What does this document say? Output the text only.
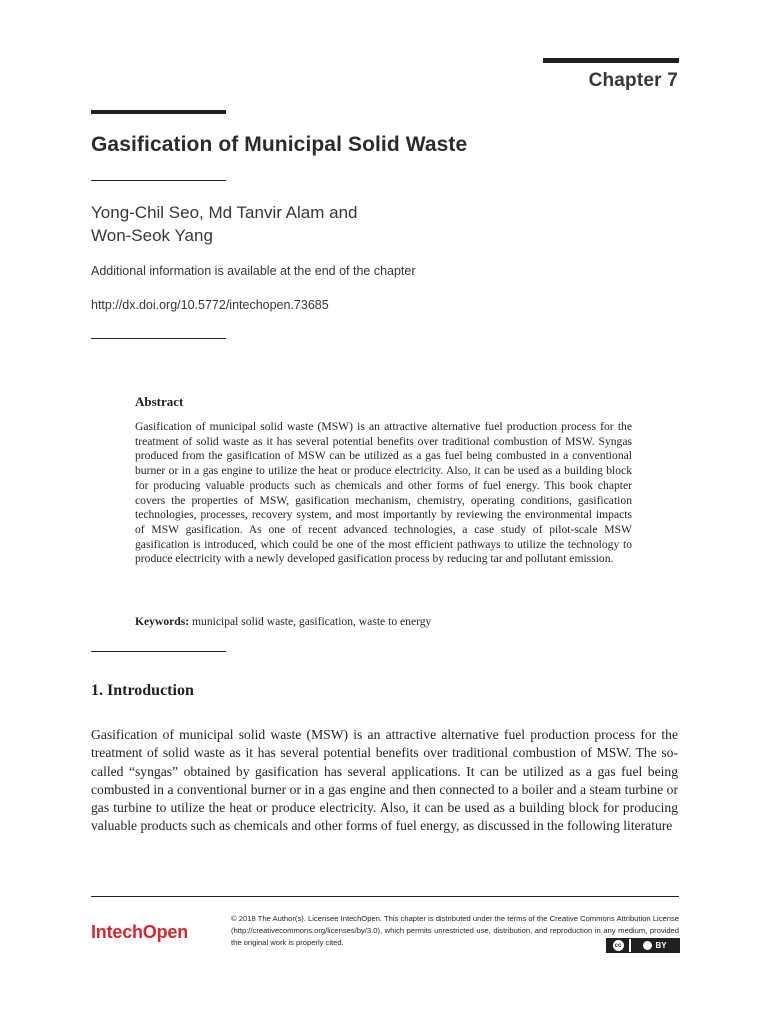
Chapter 7
Gasification of Municipal Solid Waste
Yong-Chil Seo, Md Tanvir Alam and
Won-Seok Yang
Additional information is available at the end of the chapter
http://dx.doi.org/10.5772/intechopen.73685
Abstract
Gasification of municipal solid waste (MSW) is an attractive alternative fuel production process for the treatment of solid waste as it has several potential benefits over traditional combustion of MSW. Syngas produced from the gasification of MSW can be utilized as a gas fuel being combusted in a conventional burner or in a gas engine to utilize the heat or produce electricity. Also, it can be used as a building block for producing valuable products such as chemicals and other forms of fuel energy. This book chapter covers the properties of MSW, gasification mechanism, chemistry, operating conditions, gasification technologies, processes, recovery system, and most importantly by reviewing the environmental impacts of MSW gasification. As one of recent advanced technologies, a case study of pilot-scale MSW gasification is introduced, which could be one of the most efficient pathways to utilize the technology to produce electricity with a newly developed gasification process by reducing tar and pollutant emission.
Keywords: municipal solid waste, gasification, waste to energy
1. Introduction
Gasification of municipal solid waste (MSW) is an attractive alternative fuel production process for the treatment of solid waste as it has several potential benefits over traditional combustion of MSW. The so-called “syngas” obtained by gasification has several applications. It can be utilized as a gas fuel being combusted in a conventional burner or in a gas engine and then connected to a boiler and a steam turbine or gas turbine to utilize the heat or produce electricity. Also, it can be used as a building block for producing valuable products such as chemicals and other forms of fuel energy, as discussed in the following literature
IntechOpen
© 2018 The Author(s). Licensee IntechOpen. This chapter is distributed under the terms of the Creative Commons Attribution License (http://creativecommons.org/licenses/by/3.0), which permits unrestricted use, distribution, and reproduction in any medium, provided the original work is properly cited.	cc	BY
